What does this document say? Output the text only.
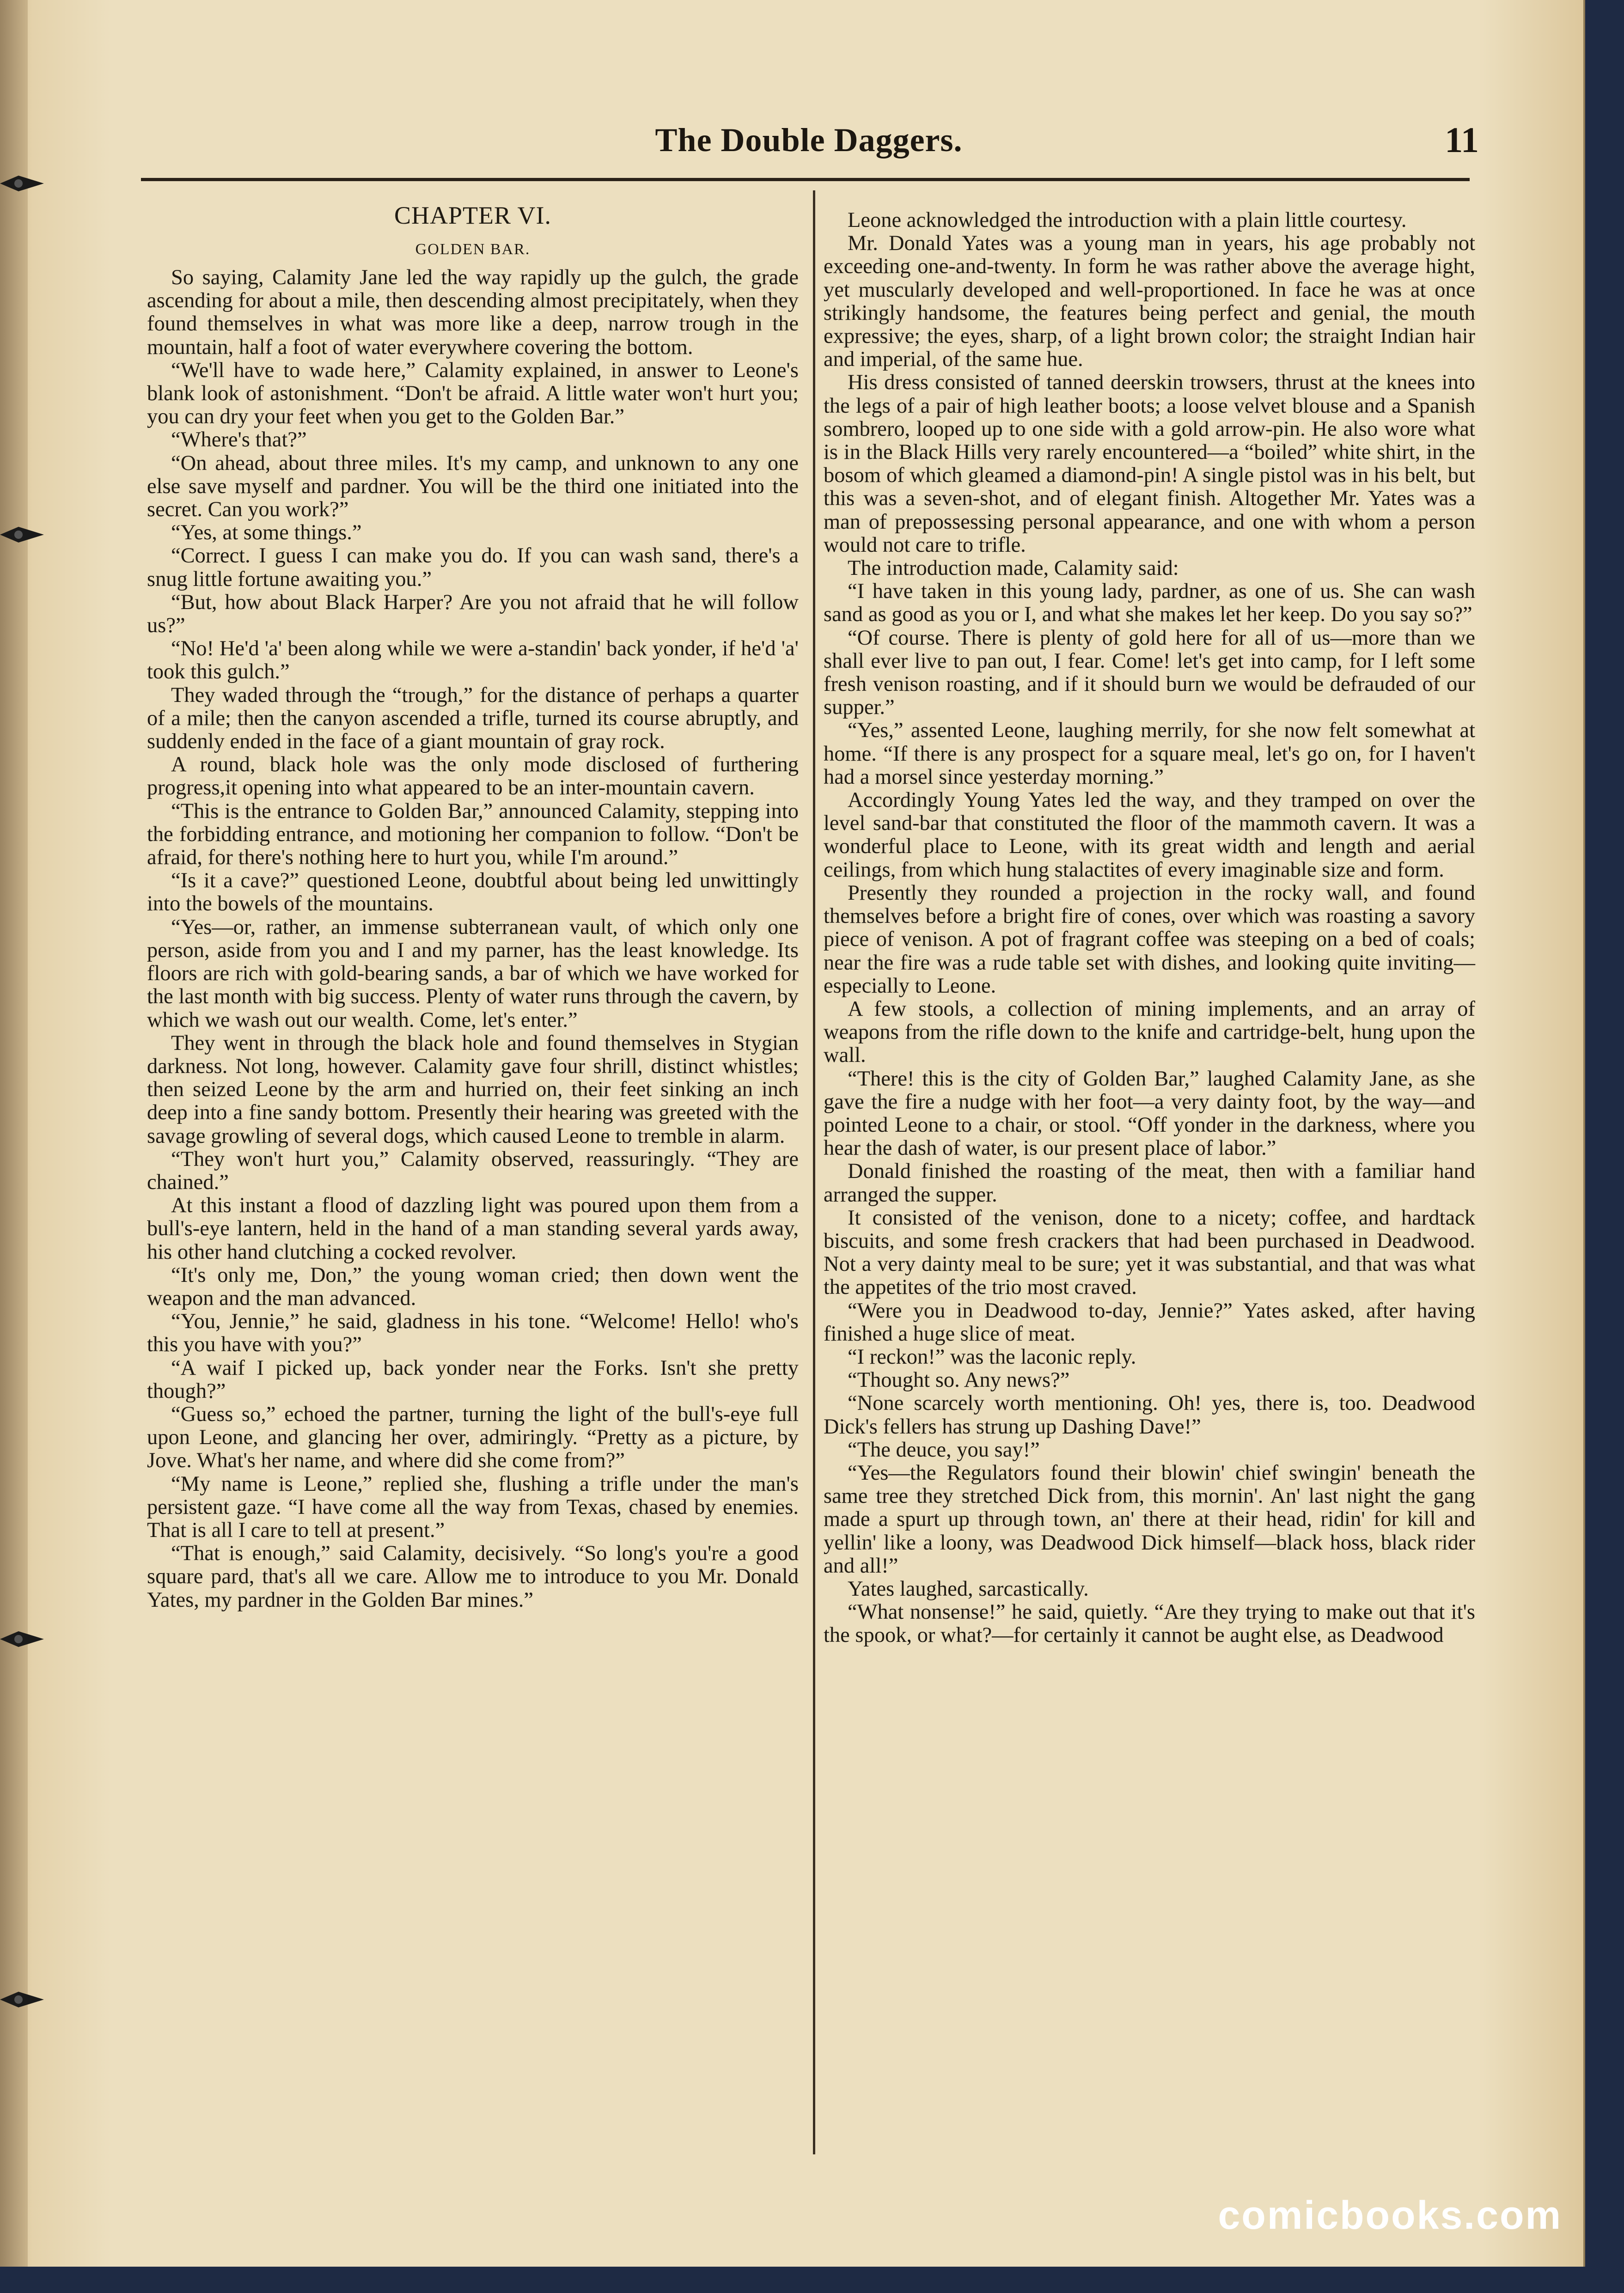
The Double Daggers.	11
CHAPTER VI.
GOLDEN BAR.

So saying, Calamity Jane led the way rapidly up the gulch, the grade ascending for about a mile, then descending almost precipitately, when they found themselves in what was more like a deep, narrow trough in the mountain, half a foot of water everywhere covering the bottom.

“We'll have to wade here,” Calamity explained, in answer to Leone's blank look of astonishment. “Don't be afraid. A little water won't hurt you; you can dry your feet when you get to the Golden Bar.”

“Where's that?”

“On ahead, about three miles. It's my camp, and unknown to any one else save myself and pardner. You will be the third one initiated into the secret. Can you work?”

“Yes, at some things.”

“Correct. I guess I can make you do. If you can wash sand, there's a snug little fortune awaiting you.”

“But, how about Black Harper? Are you not afraid that he will follow us?”

“No! He'd 'a' been along while we were a-standin' back yonder, if he'd 'a' took this gulch.”

They waded through the “trough,” for the distance of perhaps a quarter of a mile; then the canyon ascended a trifle, turned its course abruptly, and suddenly ended in the face of a giant mountain of gray rock.

A round, black hole was the only mode disclosed of furthering progress,it opening into what appeared to be an inter-mountain cavern.

“This is the entrance to Golden Bar,” announced Calamity, stepping into the forbidding entrance, and motioning her companion to follow. “Don't be afraid, for there's nothing here to hurt you, while I'm around.”

“Is it a cave?” questioned Leone, doubtful about being led unwittingly into the bowels of the mountains.

“Yes—or, rather, an immense subterranean vault, of which only one person, aside from you and I and my parner, has the least knowledge. Its floors are rich with gold-bearing sands, a bar of which we have worked for the last month with big success. Plenty of water runs through the cavern, by which we wash out our wealth. Come, let's enter.”

They went in through the black hole and found themselves in Stygian darkness. Not long, however. Calamity gave four shrill, distinct whistles; then seized Leone by the arm and hurried on, their feet sinking an inch deep into a fine sandy bottom. Presently their hearing was greeted with the savage growling of several dogs, which caused Leone to tremble in alarm.

“They won't hurt you,” Calamity observed, reassuringly. “They are chained.”

At this instant a flood of dazzling light was poured upon them from a bull's-eye lantern, held in the hand of a man standing several yards away, his other hand clutching a cocked revolver.

“It's only me, Don,” the young woman cried; then down went the weapon and the man advanced.

“You, Jennie,” he said, gladness in his tone. “Welcome! Hello! who's this you have with you?”

“A waif I picked up, back yonder near the Forks. Isn't she pretty though?”

“Guess so,” echoed the partner, turning the light of the bull's-eye full upon Leone, and glancing her over, admiringly. “Pretty as a picture, by Jove. What's her name, and where did she come from?”

“My name is Leone,” replied she, flushing a trifle under the man's persistent gaze. “I have come all the way from Texas, chased by enemies. That is all I care to tell at present.”

“That is enough,” said Calamity, decisively. “So long's you're a good square pard, that's all we care. Allow me to introduce to you Mr. Donald Yates, my pardner in the Golden Bar mines.”

Leone acknowledged the introduction with a plain little courtesy.

Mr. Donald Yates was a young man in years, his age probably not exceeding one-and-twenty. In form he was rather above the average hight, yet muscularly developed and well-proportioned. In face he was at once strikingly handsome, the features being perfect and genial, the mouth expressive; the eyes, sharp, of a light brown color; the straight Indian hair and imperial, of the same hue.

His dress consisted of tanned deerskin trowsers, thrust at the knees into the legs of a pair of high leather boots; a loose velvet blouse and a Spanish sombrero, looped up to one side with a gold arrow-pin. He also wore what is in the Black Hills very rarely encountered—a “boiled” white shirt, in the bosom of which gleamed a diamond-pin! A single pistol was in his belt, but this was a seven-shot, and of elegant finish. Altogether Mr. Yates was a man of prepossessing personal appearance, and one with whom a person would not care to trifle.

The introduction made, Calamity said:

“I have taken in this young lady, pardner, as one of us. She can wash sand as good as you or I, and what she makes let her keep. Do you say so?”

“Of course. There is plenty of gold here for all of us—more than we shall ever live to pan out, I fear. Come! let's get into camp, for I left some fresh venison roasting, and if it should burn we would be defrauded of our supper.”

“Yes,” assented Leone, laughing merrily, for she now felt somewhat at home. “If there is any prospect for a square meal, let's go on, for I haven't had a morsel since yesterday morning.”

Accordingly Young Yates led the way, and they tramped on over the level sand-bar that constituted the floor of the mammoth cavern. It was a wonderful place to Leone, with its great width and length and aerial ceilings, from which hung stalactites of every imaginable size and form.

Presently they rounded a projection in the rocky wall, and found themselves before a bright fire of cones, over which was roasting a savory piece of venison. A pot of fragrant coffee was steeping on a bed of coals; near the fire was a rude table set with dishes, and looking quite inviting—especially to Leone.

A few stools, a collection of mining implements, and an array of weapons from the rifle down to the knife and cartridge-belt, hung upon the wall.

“There! this is the city of Golden Bar,” laughed Calamity Jane, as she gave the fire a nudge with her foot—a very dainty foot, by the way—and pointed Leone to a chair, or stool. “Off yonder in the darkness, where you hear the dash of water, is our present place of labor.”

Donald finished the roasting of the meat, then with a familiar hand arranged the supper.

It consisted of the venison, done to a nicety; coffee, and hardtack biscuits, and some fresh crackers that had been purchased in Deadwood. Not a very dainty meal to be sure; yet it was substantial, and that was what the appetites of the trio most craved.

“Were you in Deadwood to-day, Jennie?” Yates asked, after having finished a huge slice of meat.

“I reckon!” was the laconic reply.

“Thought so. Any news?”

“None scarcely worth mentioning. Oh! yes, there is, too. Deadwood Dick's fellers has strung up Dashing Dave!”

“The deuce, you say!”

“Yes—the Regulators found their blowin' chief swingin' beneath the same tree they stretched Dick from, this mornin'. An' last night the gang made a spurt up through town, an' there at their head, ridin' for kill and yellin' like a loony, was Deadwood Dick himself—black hoss, black rider and all!”

Yates laughed, sarcastically.

“What nonsense!” he said, quietly. “Are they trying to make out that it's the spook, or what?—for certainly it cannot be aught else, as Deadwood

comicbooks.com
